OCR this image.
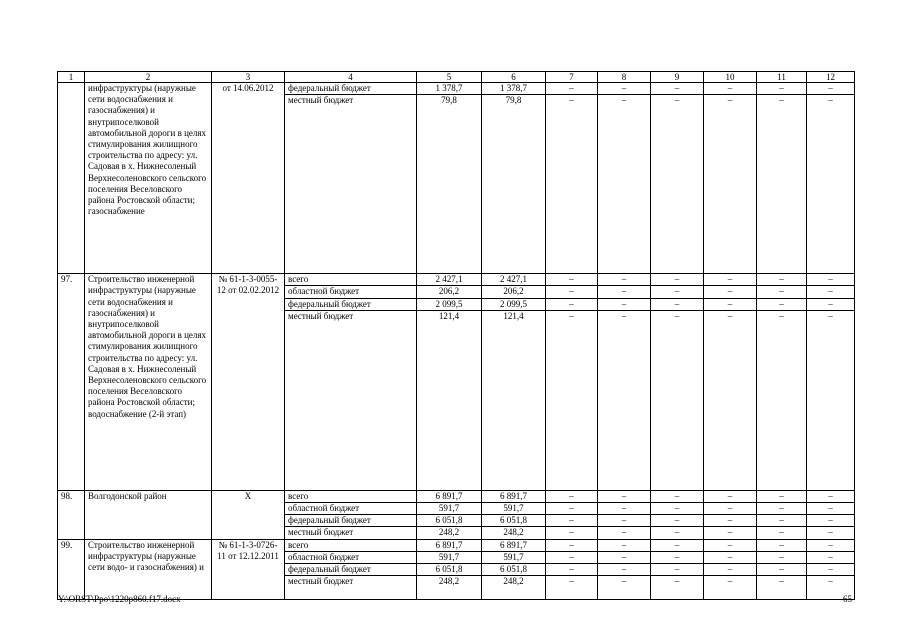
1	2	3	4	5	6	7	8	9	10	11	12
	инфраструктуры (наружные сети водоснабжения и газоснабжения) и внутрипоселковой автомобильной дороги в целях стимулирования жилищного строительства по адресу: ул. Садовая в х. Нижнесоленый Верхнесоленовского сельского поселения Веселовского района Ростовской области; газоснабжение	от 14.06.2012	федеральный бюджет	1 378,7	1 378,7	–	–	–	–	–	–
			местный бюджет	79,8	79,8	–	–	–	–	–	–
97.	Строительство инженерной инфраструктуры (наружные сети водоснабжения и газоснабжения) и внутрипоселковой автомобильной дороги в целях стимулирования жилищного строительства по адресу: ул. Садовая в х. Нижнесоленый Верхнесоленовского сельского поселения Веселовского района Ростовской области; водоснабжение (2-й этап)	№ 61-1-3-0055-12 от 02.02.2012	всего	2 427,1	2 427,1	–	–	–	–	–	–
			областной бюджет	206,2	206,2	–	–	–	–	–	–
			федеральный бюджет	2 099,5	2 099,5	–	–	–	–	–	–
			местный бюджет	121,4	121,4	–	–	–	–	–	–
98.	Волгодонской район	Х	всего	6 891,7	6 891,7	–	–	–	–	–	–
			областной бюджет	591,7	591,7	–	–	–	–	–	–
			федеральный бюджет	6 051,8	6 051,8	–	–	–	–	–	–
			местный бюджет	248,2	248,2	–	–	–	–	–	–
99.	Строительство инженерной инфраструктуры (наружные сети водо- и газоснабжения) и	№ 61-1-3-0726-11 от 12.12.2011	всего	6 891,7	6 891,7	–	–	–	–	–	–
			областной бюджет	591,7	591,7	–	–	–	–	–	–
			федеральный бюджет	6 051,8	6 051,8	–	–	–	–	–	–
			местный бюджет	248,2	248,2	–	–	–	–	–	–
Y:\ORST\Ppo\1220p860.f17.docx	65
